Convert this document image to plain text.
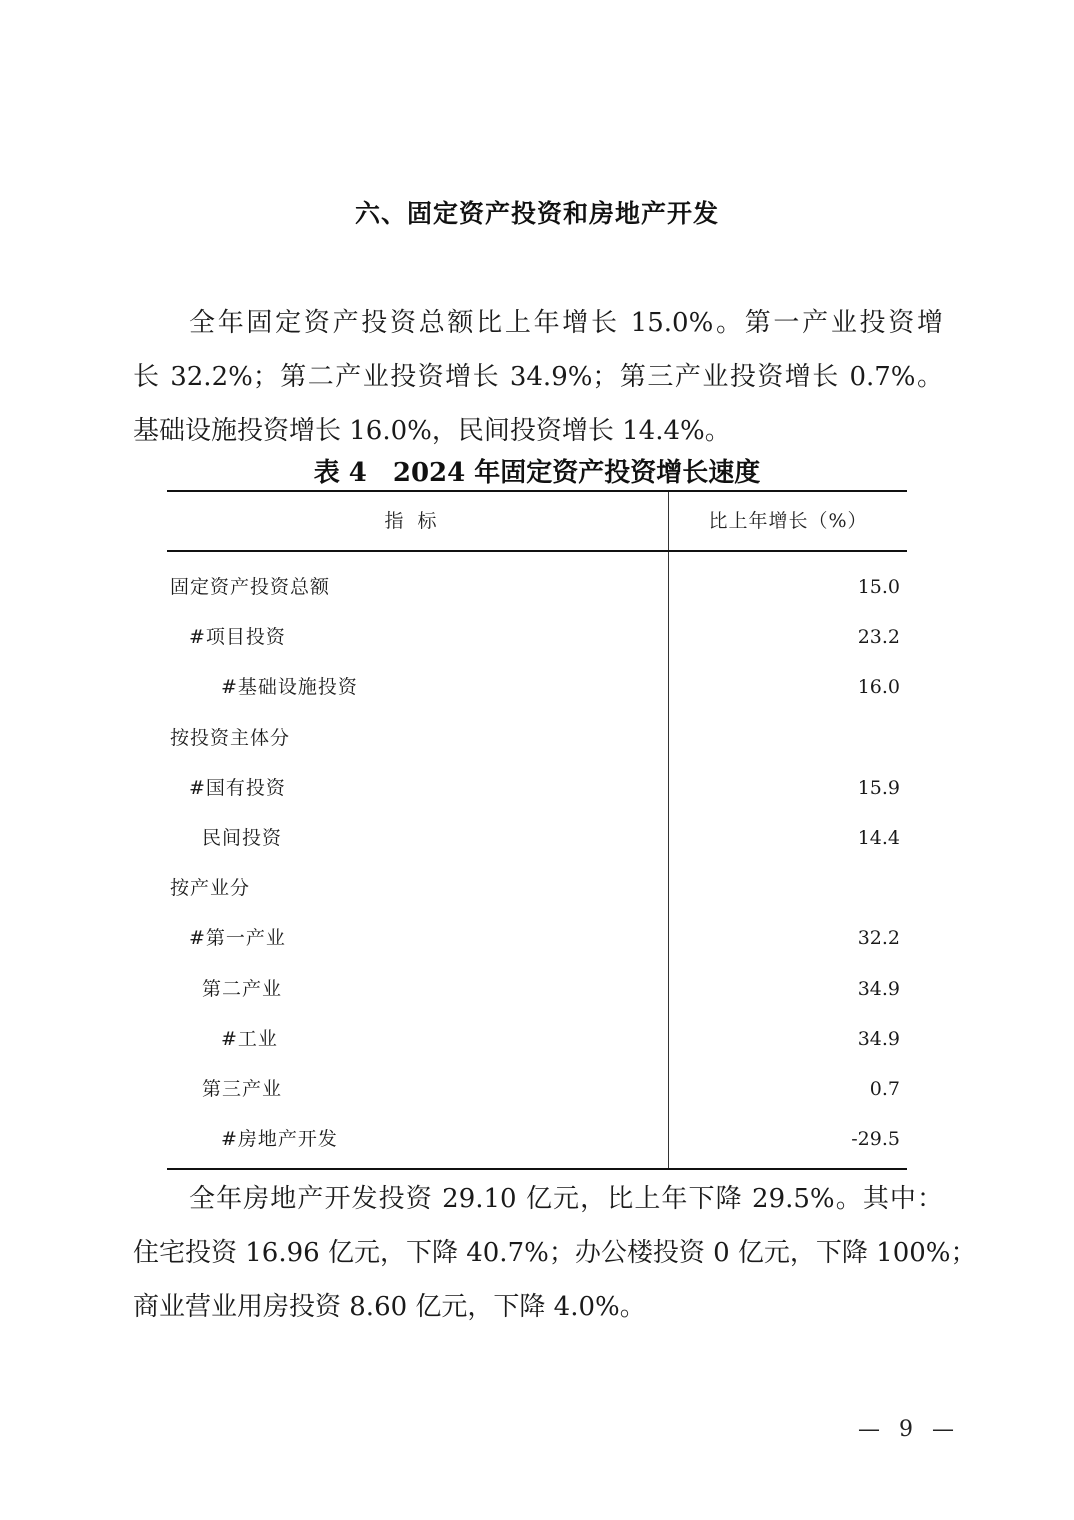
六、固定资产投资和房地产开发
全年固定资产投资总额比上年增长 15.0%。第一产业投资增
长 32.2%；第二产业投资增长 34.9%；第三产业投资增长 0.7%。
基础设施投资增长 16.0%，民间投资增长 14.4%。
表 4 2024 年固定资产投资增长速度
指标	比上年增长（%）
固定资产投资总额
#项目投资
#基础设施投资
按投资主体分
#国有投资
民间投资
按产业分
#第一产业
第二产业
#工业
第三产业
#房地产开发
15.0
23.2
16.0
15.9
14.4
32.2
34.9
34.9
0.7
-29.5
全年房地产开发投资 29.10 亿元，比上年下降 29.5%。其中：
住宅投资 16.96 亿元，下降 40.7%；办公楼投资 0 亿元，下降 100%；
商业营业用房投资 8.60 亿元，下降 4.0%。
— 9 —
